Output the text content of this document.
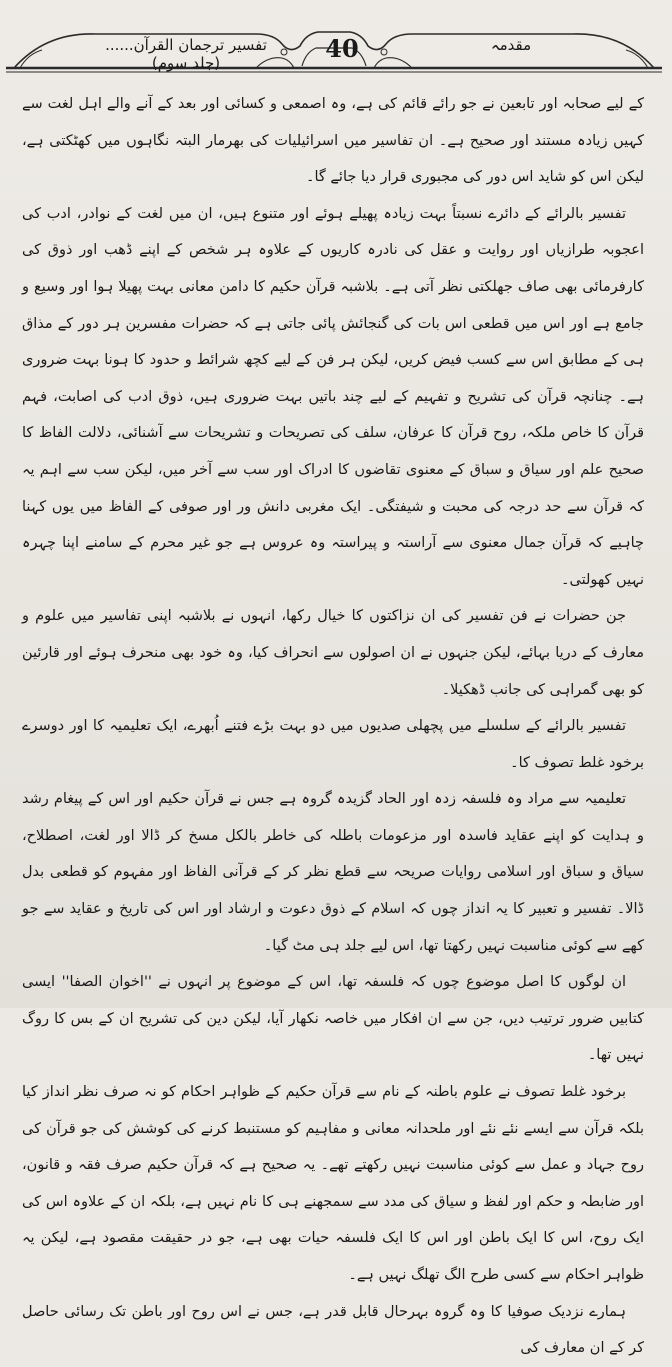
تفسیر ترجمان القرآن...... (جلد سوم)	40	مقدمہ

کے لیے صحابہ اور تابعین نے جو رائے قائم کی ہے، وہ اصمعی و کسائی اور بعد کے آنے والے اہل لغت سے کہیں زیادہ مستند اور صحیح ہے۔ ان تفاسیر میں اسرائیلیات کی بھرمار البتہ نگاہوں میں کھٹکتی ہے، لیکن اس کو شاید اس دور کی مجبوری قرار دیا جائے گا۔

تفسیر بالرائے کے دائرے نسبتاً بہت زیادہ پھیلے ہوئے اور متنوع ہیں، ان میں لغت کے نوادر، ادب کی اعجوبہ طرازیاں اور روایت و عقل کی نادرہ کاریوں کے علاوہ ہر شخص کے اپنے ڈھب اور ذوق کی کارفرمائی بھی صاف جھلکتی نظر آتی ہے۔ بلاشبہ قرآن حکیم کا دامن معانی بہت پھیلا ہوا اور وسیع و جامع ہے اور اس میں قطعی اس بات کی گنجائش پائی جاتی ہے کہ حضرات مفسرین ہر دور کے مذاق ہی کے مطابق اس سے کسب فیض کریں، لیکن ہر فن کے لیے کچھ شرائط و حدود کا ہونا بہت ضروری ہے۔ چنانچہ قرآن کی تشریح و تفہیم کے لیے چند باتیں بہت ضروری ہیں، ذوق ادب کی اصابت، فہم قرآن کا خاص ملکہ، روح قرآن کا عرفان، سلف کی تصریحات و تشریحات سے آشنائی، دلالت الفاظ کا صحیح علم اور سیاق و سباق کے معنوی تقاضوں کا ادراک اور سب سے آخر میں، لیکن سب سے اہم یہ کہ قرآن سے حد درجہ کی محبت و شیفتگی۔ ایک مغربی دانش ور اور صوفی کے الفاظ میں یوں کہنا چاہیے کہ قرآن جمال معنوی سے آراستہ و پیراستہ وہ عروس ہے جو غیر محرم کے سامنے اپنا چہرہ نہیں کھولتی۔

جن حضرات نے فن تفسیر کی ان نزاکتوں کا خیال رکھا، انہوں نے بلاشبہ اپنی تفاسیر میں علوم و معارف کے دریا بہائے، لیکن جنہوں نے ان اصولوں سے انحراف کیا، وہ خود بھی منحرف ہوئے اور قارئین کو بھی گمراہی کی جانب ڈھکیلا۔

تفسیر بالرائے کے سلسلے میں پچھلی صدیوں میں دو بہت بڑے فتنے اُبھرے، ایک تعلیمیہ کا اور دوسرے برخود غلط تصوف کا۔

تعلیمیہ سے مراد وہ فلسفہ زدہ اور الحاد گزیدہ گروہ ہے جس نے قرآن حکیم اور اس کے پیغام رشد و ہدایت کو اپنے عقاید فاسدہ اور مزعومات باطلہ کی خاطر بالکل مسخ کر ڈالا اور لغت، اصطلاح، سیاق و سباق اور اسلامی روایات صریحہ سے قطع نظر کر کے قرآنی الفاظ اور مفہوم کو قطعی بدل ڈالا۔ تفسیر و تعبیر کا یہ انداز چوں کہ اسلام کے ذوق دعوت و ارشاد اور اس کی تاریخ و عقاید سے جو کھے سے کوئی مناسبت نہیں رکھتا تھا، اس لیے جلد ہی مٹ گیا۔

ان لوگوں کا اصل موضوع چوں کہ فلسفہ تھا، اس کے موضوع پر انہوں نے ''اخوان الصفا'' ایسی کتابیں ضرور ترتیب دیں، جن سے ان افکار میں خاصہ نکھار آیا، لیکن دین کی تشریح ان کے بس کا روگ نہیں تھا۔

برخود غلط تصوف نے علوم باطنہ کے نام سے قرآن حکیم کے ظواہر احکام کو نہ صرف نظر انداز کیا بلکہ قرآن سے ایسے نئے نئے اور ملحدانہ معانی و مفاہیم کو مستنبط کرنے کی کوشش کی جو قرآن کی روح جہاد و عمل سے کوئی مناسبت نہیں رکھتے تھے۔ یہ صحیح ہے کہ قرآن حکیم صرف فقہ و قانون، اور ضابطہ و حکم اور لفظ و سیاق کی مدد سے سمجھنے ہی کا نام نہیں ہے، بلکہ ان کے علاوہ اس کی ایک روح، اس کا ایک باطن اور اس کا ایک فلسفہ حیات بھی ہے، جو در حقیقت مقصود ہے، لیکن یہ ظواہر احکام سے کسی طرح الگ تھلگ نہیں ہے۔

ہمارے نزدیک صوفیا کا وہ گروہ بہرحال قابل قدر ہے، جس نے اس روح اور باطن تک رسائی حاصل کر کے ان معارف کی
